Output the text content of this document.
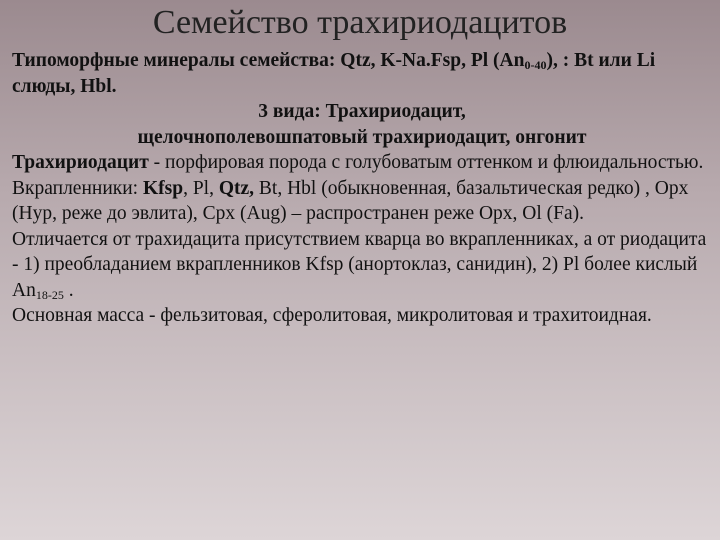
Семейство трахириодацитов

Типоморфные минералы семейства: Qtz, K-Na.Fsp, Pl $(An_{0-40})$, : Bt или Li слюды, Hbl.

3 вида: Трахириодацит,

щелочнополевошпатовый трахириодацит, онгонит

Трахириодацит - порфировая порода с голубоватым оттенком и флюидальностью.

Вкрапленники: Kfsp, Pl, Qtz, Bt, Hbl (обыкновенная, базальтическая редко) , Opx (Hyp, реже до эвлита), Cpx (Aug) – распространен реже Opx, Ol (Fa).

Отличается от трахидацита присутствием кварца во вкрапленниках, а от риодацита - 1) преобладанием вкрапленников Kfsp (анортоклаз, санидин), 2) Pl более кислый $An_{18-25}$ .

Основная масса - фельзитовая, сферолитовая, микролитовая и трахитоидная.
